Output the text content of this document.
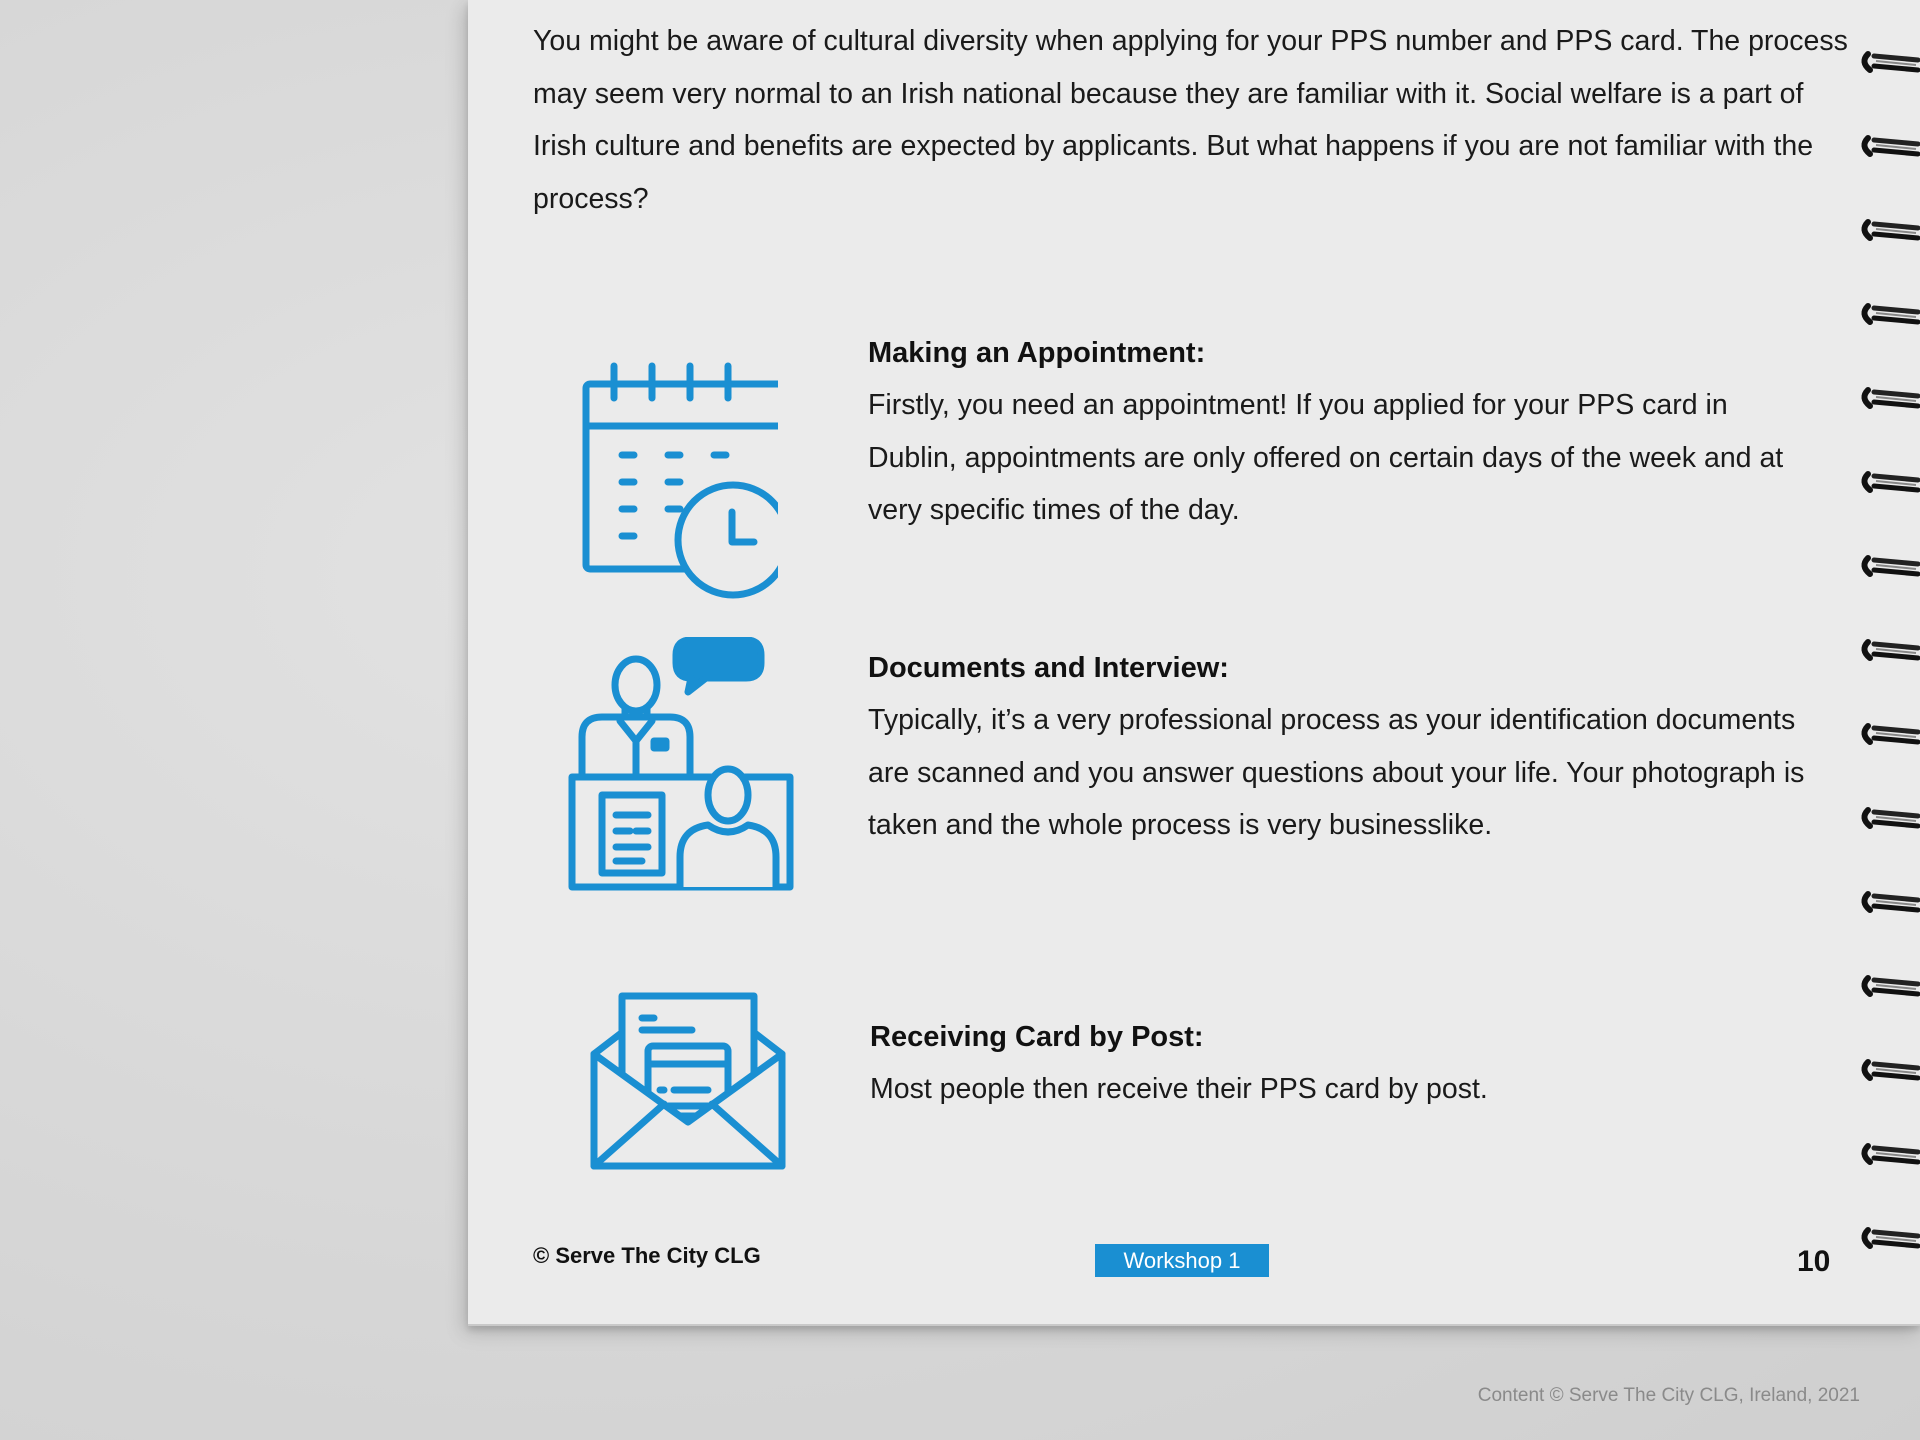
You might be aware of cultural diversity when applying for your PPS number and PPS card. The process may seem very normal to an Irish national because they are familiar with it. Social welfare is a part of Irish culture and benefits are expected by applicants. But what happens if you are not familiar with the process?

Making an Appointment:

Firstly, you need an appointment! If you applied for your PPS card in Dublin, appointments are only offered on certain days of the week and at very specific times of the day.

Documents and Interview:

Typically, it’s a very professional process as your identification documents are scanned and you answer questions about your life. Your photograph is taken and the whole process is very businesslike.

Receiving Card by Post:

Most people then receive their PPS card by post.

© Serve The City CLG	Workshop 1	10
Content © Serve The City CLG, Ireland, 2021
